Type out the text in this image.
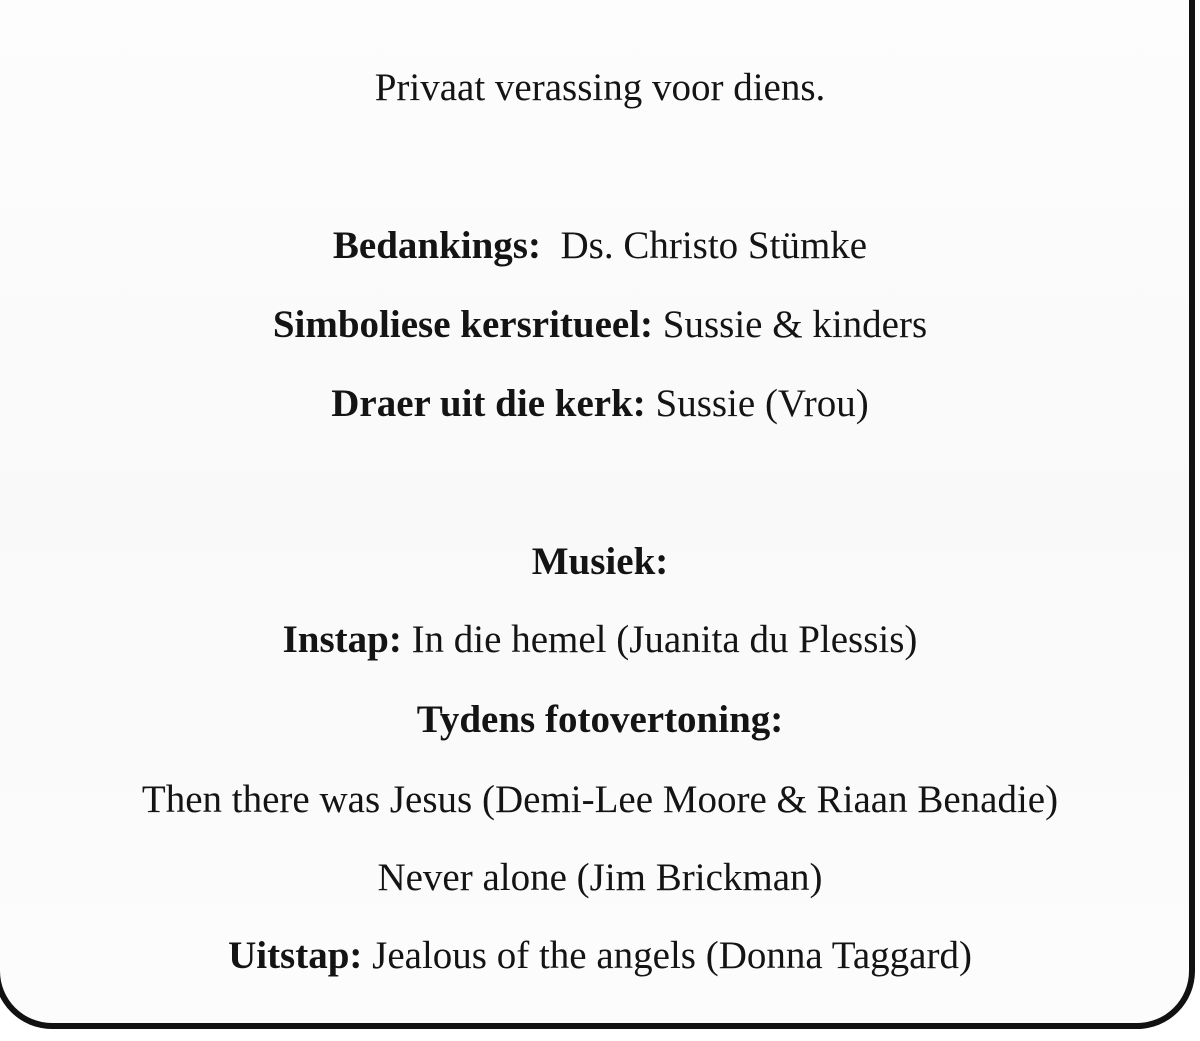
Privaat verassing voor diens.
Bedankings: Ds. Christo Stümke
Simboliese kersritueel: Sussie & kinders
Draer uit die kerk: Sussie (Vrou)
Musiek:
Instap: In die hemel (Juanita du Plessis)
Tydens fotovertoning:
Then there was Jesus (Demi-Lee Moore & Riaan Benadie)
Never alone (Jim Brickman)
Uitstap: Jealous of the angels (Donna Taggard)
